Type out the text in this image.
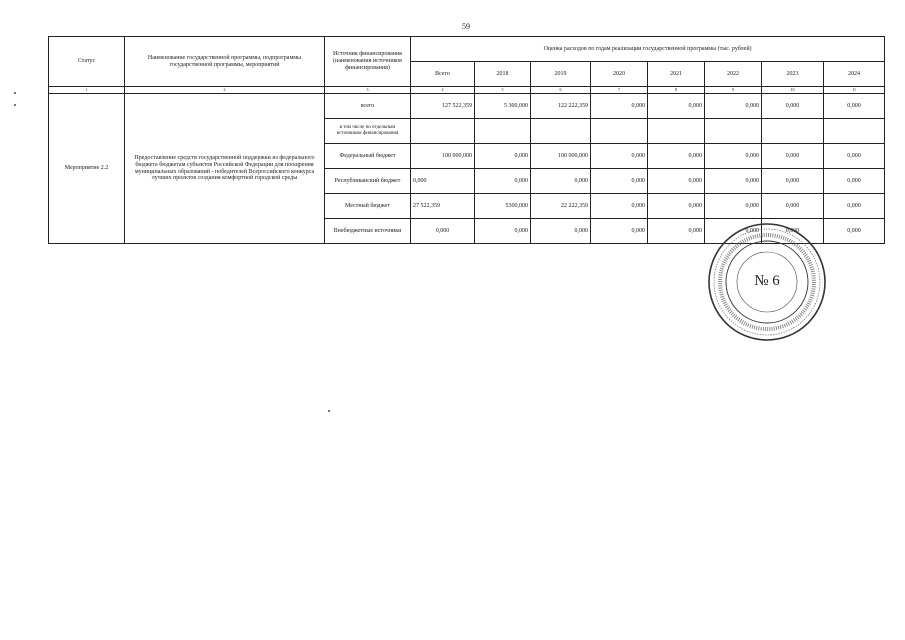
59
Статус	Наименование государственной программы, подпрограммы государственной программы, мероприятий	Источник финансирования (наименования источников финансирования)	Оценка расходов по годам реализации государственной программы (тыс. рублей)							
			Всего	2018	2019	2020	2021	2022	2023	2024
1	2	3	4	5	6	7	8	9	10	11
Мероприятие 2.2	Предоставление средств государственной поддержки из федерального бюджета бюджетам субъектов Российской Федерации для поощрения муниципальных образований - победителей Всероссийского конкурса лучших проектов создания комфортной городской среды	всего	127 522,359	5 300,000	122 222,359	0,000	0,000	0,000	0,000	0,000
		в том числе по отдельным источникам финансирования								
		Федеральный бюджет	100 000,000	0,000	100 000,000	0,000	0,000	0,000	0,000	0,000
		Республиканский бюджет	0,000	0,000	0,000	0,000	0,000	0,000	0,000	0,000
		Местный бюджет	27 522,359	5300,000	22 222,359	0,000	0,000	0,000	0,000	0,000
		Внебюджетные источники	0,000	0,000	0,000	0,000	0,000	0,000	0,000	0,000
№ 6
